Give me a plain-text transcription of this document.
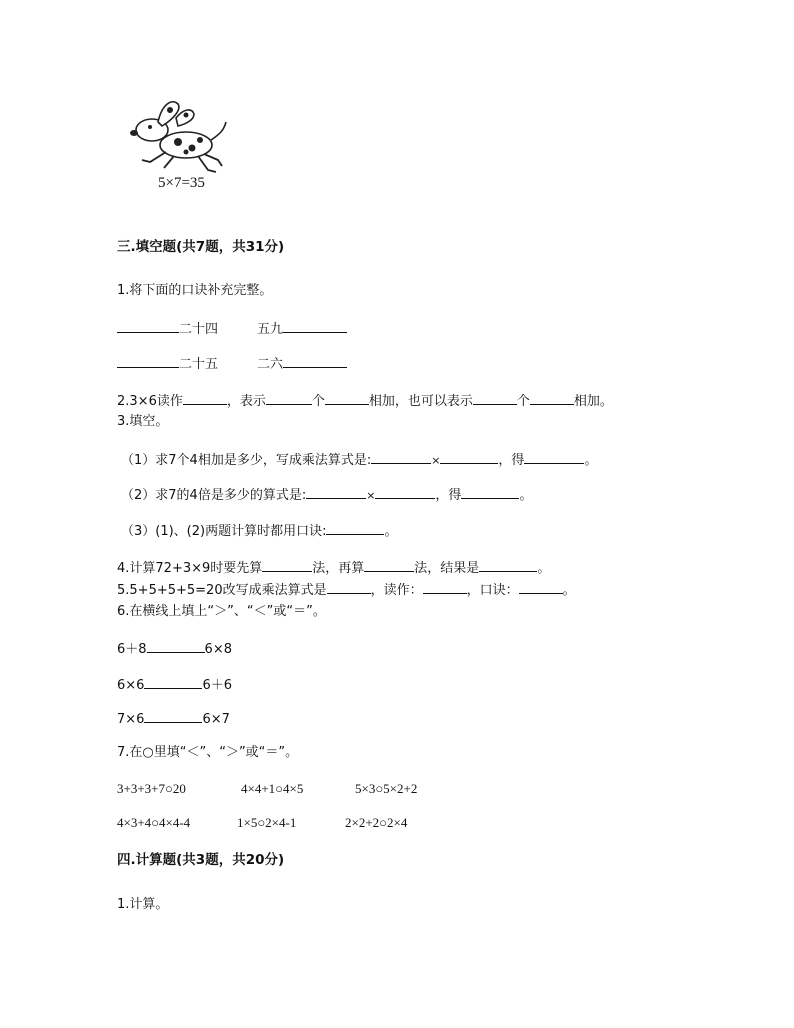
5×7=35
三.填空题(共7题，共31分)
1.将下面的口诀补充完整。
二十四	五九
二十五	二六
2.3×6读作	，表示	个	相加，也可以表示	个	相加。
3.填空。
（1）求7个4相加是多少，写成乘法算式是:	×	，得	。
（2）求7的4倍是多少的算式是:	×	，得	。
（3）(1)、(2)两题计算时都用口诀:	。
4.计算72+3×9时要先算	法，再算	法，结果是	。
5.5+5+5+5=20改写成乘法算式是	，读作：	，口诀：	。
6.在横线上填上“＞”、“＜”或“＝”。
6＋8	6×8
6×6	6＋6
7×6	6×7
7.在○里填“＜”、“＞”或“＝”。
3+3+3+7○20	4×4+1○4×5	5×3○5×2+2
4×3+4○4×4-4	1×5○2×4-1	2×2+2○2×4
四.计算题(共3题，共20分)
1.计算。
